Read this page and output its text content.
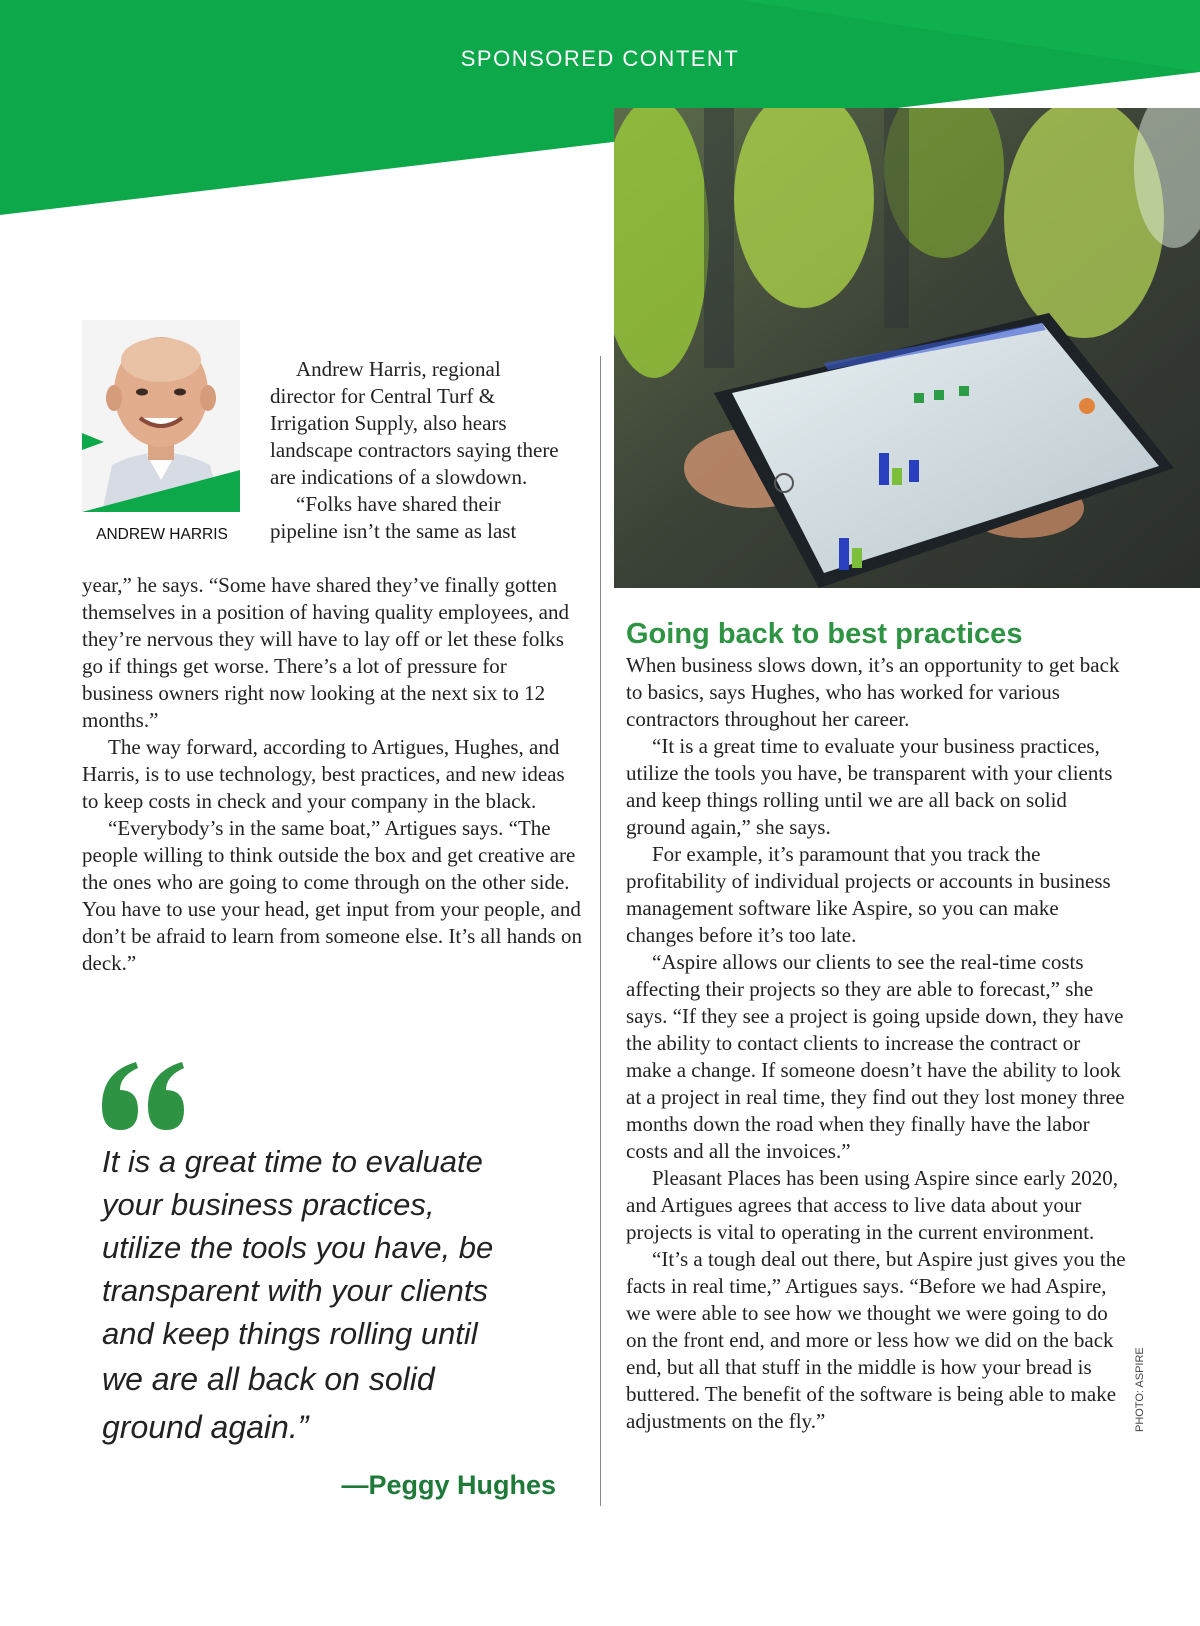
SPONSORED CONTENT
PHOTO: ASPIRE
ANDREW HARRIS

Andrew Harris, regional director for Central Turf & Irrigation Supply, also hears landscape contractors saying there are indications of a slowdown.

“Folks have shared their pipeline isn’t the same as last

year,” he says. “Some have shared they’ve finally gotten themselves in a position of having quality employees, and they’re nervous they will have to lay off or let these folks go if things get worse. There’s a lot of pressure for business owners right now looking at the next six to 12 months.”

The way forward, according to Artigues, Hughes, and Harris, is to use technology, best practices, and new ideas to keep costs in check and your company in the black.

“Everybody’s in the same boat,” Artigues says. “The people willing to think outside the box and get creative are the ones who are going to come through on the other side. You have to use your head, get input from your people, and don’t be afraid to learn from someone else. It’s all hands on deck.”

It is a great time to evaluate
your business practices,
utilize the tools you have, be
transparent with your clients
and keep things rolling until
we are all back on solid
ground again.”
—Peggy Hughes
Going back to best practices

When business slows down, it’s an opportunity to get back to basics, says Hughes, who has worked for various contractors throughout her career.

“It is a great time to evaluate your business practices, utilize the tools you have, be transparent with your clients and keep things rolling until we are all back on solid ground again,” she says.

For example, it’s paramount that you track the profitability of individual projects or accounts in business management software like Aspire, so you can make changes before it’s too late.

“Aspire allows our clients to see the real-time costs affecting their projects so they are able to forecast,” she says. “If they see a project is going upside down, they have the ability to contact clients to increase the contract or make a change. If someone doesn’t have the ability to look at a project in real time, they find out they lost money three months down the road when they finally have the labor costs and all the invoices.”

Pleasant Places has been using Aspire since early 2020, and Artigues agrees that access to live data about your projects is vital to operating in the current environment.

“It’s a tough deal out there, but Aspire just gives you the facts in real time,” Artigues says. “Before we had Aspire, we were able to see how we thought we were going to do on the front end, and more or less how we did on the back end, but all that stuff in the middle is how your bread is buttered. The benefit of the software is being able to make adjustments on the fly.”
